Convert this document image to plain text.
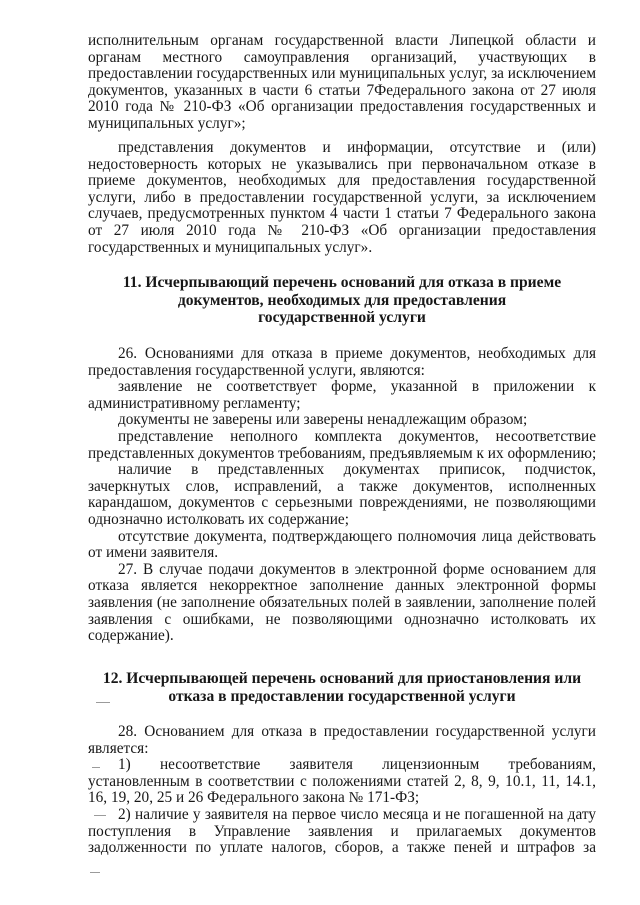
исполнительным органам государственной власти Липецкой области и
органам местного самоуправления организаций, участвующих в
предоставлении государственных или муниципальных услуг, за исключением
документов, указанных в части 6 статьи 7Федерального закона от 27 июля
2010 года № 210-ФЗ «Об организации предоставления государственных и
муниципальных услуг»;
представления документов и информации, отсутствие и (или)
недостоверность которых не указывались при первоначальном отказе в
приеме документов, необходимых для предоставления государственной
услуги, либо в предоставлении государственной услуги, за исключением
случаев, предусмотренных пунктом 4 части 1 статьи 7 Федерального закона
от 27 июля 2010 года № 210-ФЗ «Об организации предоставления
государственных и муниципальных услуг».
11. Исчерпывающий перечень оснований для отказа в приеме
документов, необходимых для предоставления
государственной услуги
26. Основаниями для отказа в приеме документов, необходимых для
предоставления государственной услуги, являются:
заявление не соответствует форме, указанной в приложении к
административному регламенту;
документы не заверены или заверены ненадлежащим образом;
представление неполного комплекта документов, несоответствие
представленных документов требованиям, предъявляемым к их оформлению;
наличие в представленных документах приписок, подчисток,
зачеркнутых слов, исправлений, а также документов, исполненных
карандашом, документов с серьезными повреждениями, не позволяющими
однозначно истолковать их содержание;
отсутствие документа, подтверждающего полномочия лица действовать
от имени заявителя.
27. В случае подачи документов в электронной форме основанием для
отказа является некорректное заполнение данных электронной формы
заявления (не заполнение обязательных полей в заявлении, заполнение полей
заявления с ошибками, не позволяющими однозначно истолковать их
содержание).
12. Исчерпывающей перечень оснований для приостановления или
отказа в предоставлении государственной услуги
28. Основанием для отказа в предоставлении государственной услуги
является:
1) несоответствие заявителя лицензионным требованиям,
установленным в соответствии с положениями статей 2, 8, 9, 10.1, 11, 14.1,
16, 19, 20, 25 и 26 Федерального закона № 171-ФЗ;
2) наличие у заявителя на первое число месяца и не погашенной на дату
поступления в Управление заявления и прилагаемых документов
задолженности по уплате налогов, сборов, а также пеней и штрафов за
